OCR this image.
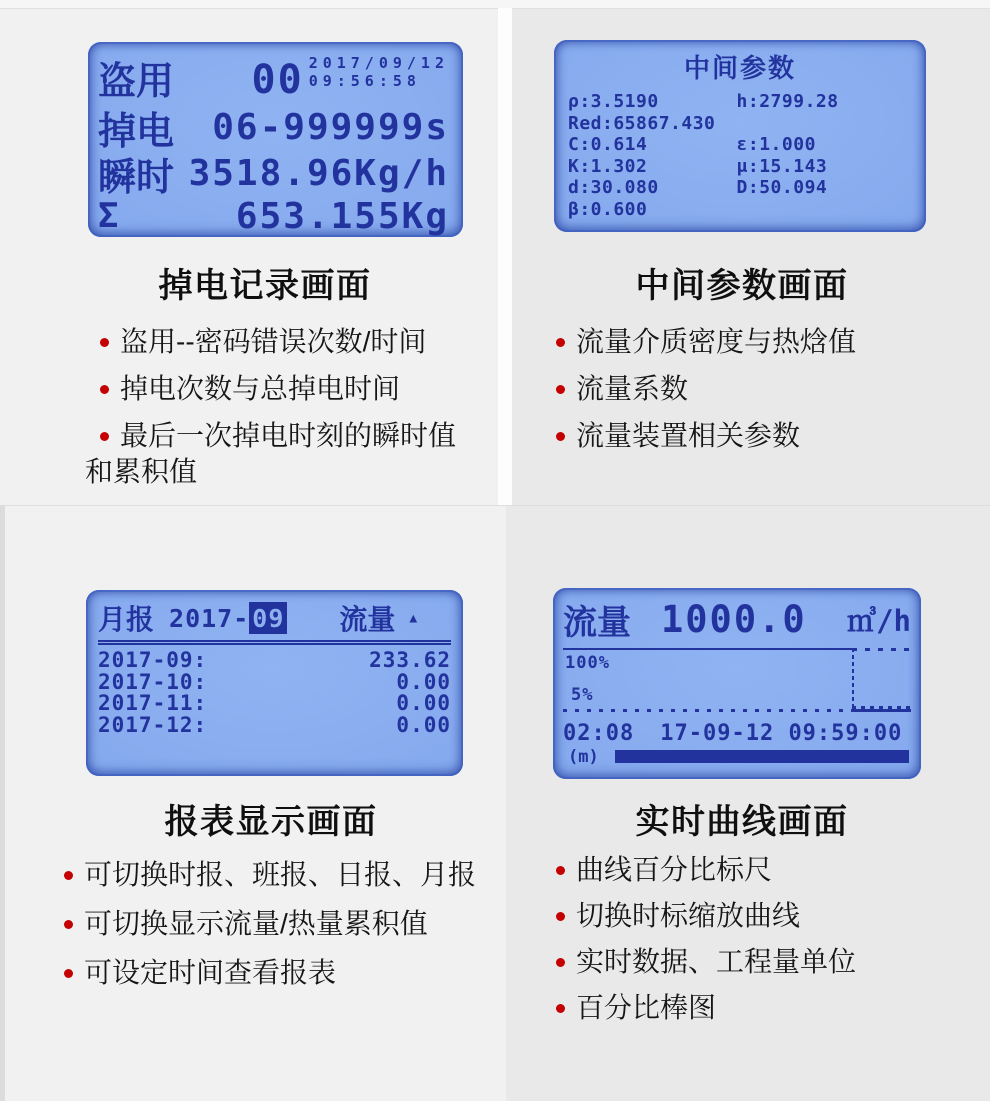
盗用 00 2017/09/12
09:56:58
掉电 06-999999s
瞬时 3518.96Kg/h
Σ	653.155Kg
中间参数
ρ:3.5190	h:2799.28
Red:65867.430
C:0.614	ε:1.000
K:1.302	μ:15.143
d:30.080	D:50.094
β:0.600
月报 2017- 09 流量 ▲
2017-09:	233.62
2017-10:	0.00
2017-11:	0.00
2017-12:	0.00
流量 1000.0 ㎥/h
100%
5%
02:08 17-09-12 09:59:00
(m)
掉电记录画面	中间参数画面
报表显示画面	实时曲线画面
盗用--密码错误次数/时间
掉电次数与总掉电时间
最后一次掉电时刻的瞬时值和累积值
流量介质密度与热焓值
流量系数
流量装置相关参数
可切换时报、班报、日报、月报
可切换显示流量/热量累积值
可设定时间查看报表
曲线百分比标尺
切换时标缩放曲线
实时数据、工程量单位
百分比棒图
